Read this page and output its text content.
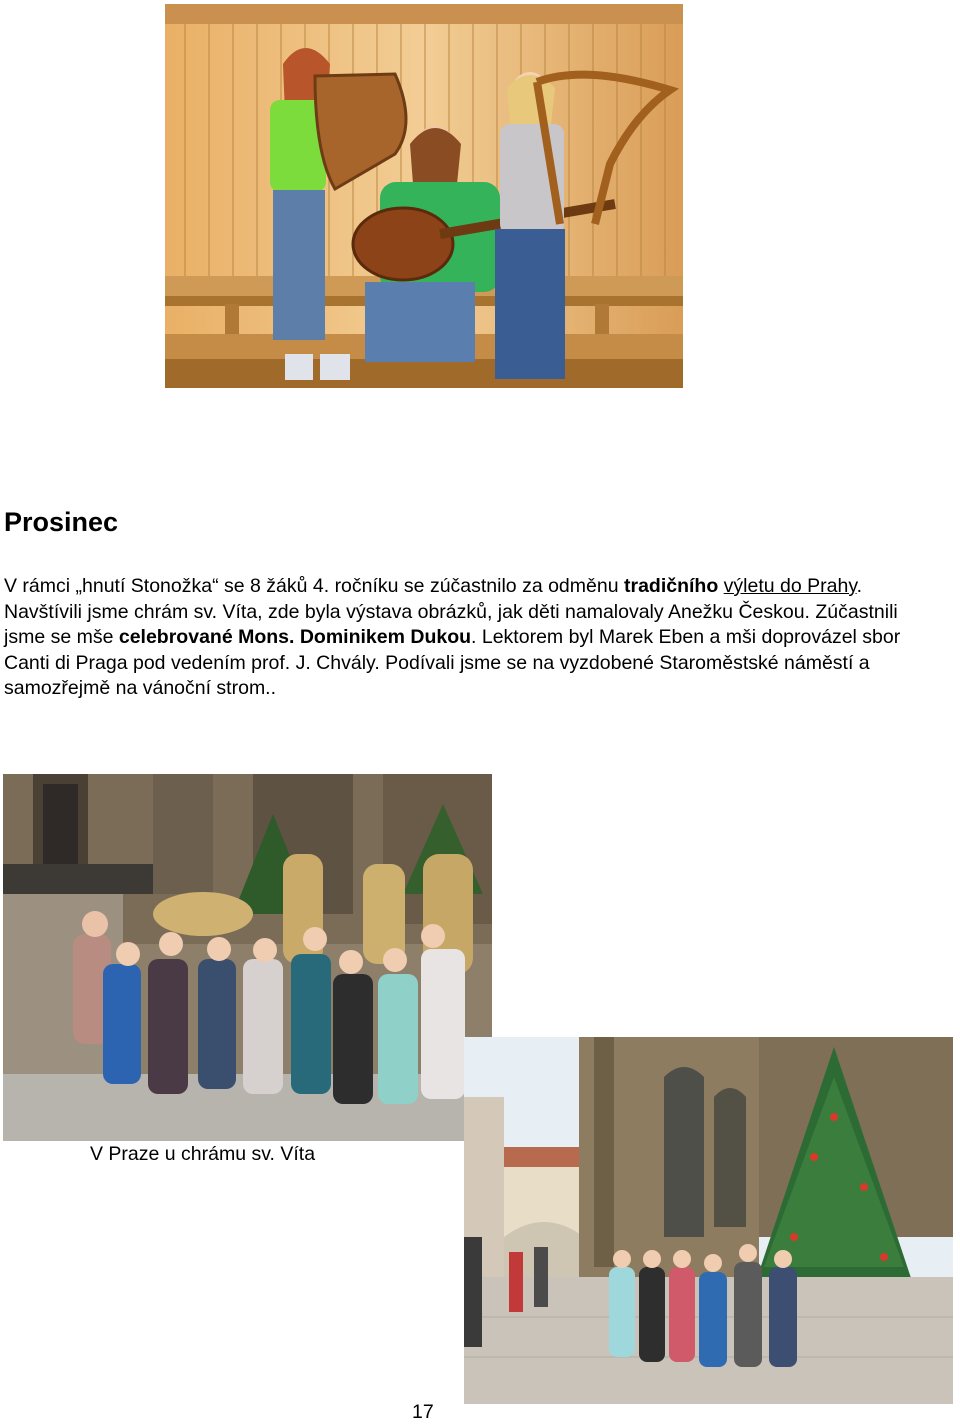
Prosinec

V rámci „hnutí Stonožka“ se 8 žáků 4. ročníku se zúčastnilo za odměnu tradičního výletu do Prahy. Navštívili jsme chrám sv. Víta, zde byla výstava obrázků, jak děti namalovaly Anežku Českou. Zúčastnili jsme se mše celebrované Mons. Dominikem Dukou. Lektorem byl Marek Eben a mši doprovázel sbor Canti di Praga pod vedením prof. J. Chvály. Podívali jsme se na vyzdobené Staroměstské náměstí a samozřejmě na vánoční strom..

V Praze u chrámu sv. Víta
17
